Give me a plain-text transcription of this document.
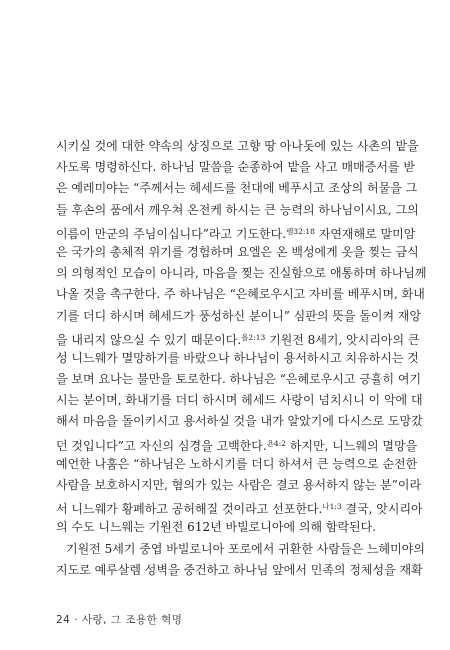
시키실 것에 대한 약속의 상징으로 고향 땅 아나돗에 있는 사촌의 밭을
사도록 명령하신다. 하나님 말씀을 순종하여 밭을 사고 매매증서를 받
은 예레미야는 “주께서는 헤세드를 천대에 베푸시고 조상의 허물을 그
들 후손의 품에서 깨우쳐 온전케 하시는 큰 능력의 하나님이시요, 그의
이름이 만군의 주님이십니다”라고 기도한다.$^{렘32:18}$ 자연재해로 말미암
은 국가의 총체적 위기를 경험하며 요엘은 온 백성에게 옷을 찢는 금식
의 의형적인 모습이 아니라, 마음을 찢는 진실함으로 애통하며 하나님께
나올 것을 촉구한다. 주 하나님은 “은혜로우시고 자비를 베푸시며, 화내
기를 더디 하시며 헤세드가 풍성하신 분이니” 심판의 뜻을 돌이켜 재앙
을 내리지 않으실 수 있기 때문이다.$^{욜2:13}$ 기원전 8세기, 앗시리아의 큰
성 니느웨가 멸망하기를 바랐으나 하나님이 용서하시고 치유하시는 것
을 보며 요나는 불만을 토로한다. 하나님은 “은혜로우시고 긍휼히 여기
시는 분이며, 화내기를 더디 하시며 헤세드 사랑이 넘치시니 이 악에 대
해서 마음을 돌이키시고 용서하실 것을 내가 알았기에 다시스로 도망갔
던 것입니다”고 자신의 심경을 고백한다.$^{욘4:2}$ 하지만, 니느웨의 멸망을
예언한 나훔은 “하나님은 노하시기를 더디 하셔서 큰 능력으로 순전한
사람을 보호하시지만, 혐의가 있는 사람은 결코 용서하지 않는 분”이라
서 니느웨가 황폐하고 공허해질 것이라고 선포한다.$^{나1:3}$ 결국, 앗시리아
의 수도 니느웨는 기원전 612년 바빌로니아에 의해 함락된다.
기원전 5세기 중엽 바빌로니아 포로에서 귀환한 사람들은 느헤미야의
지도로 예루살렘 성벽을 중건하고 하나님 앞에서 민족의 정체성을 재확
24 · 사랑, 그 조용한 혁명
